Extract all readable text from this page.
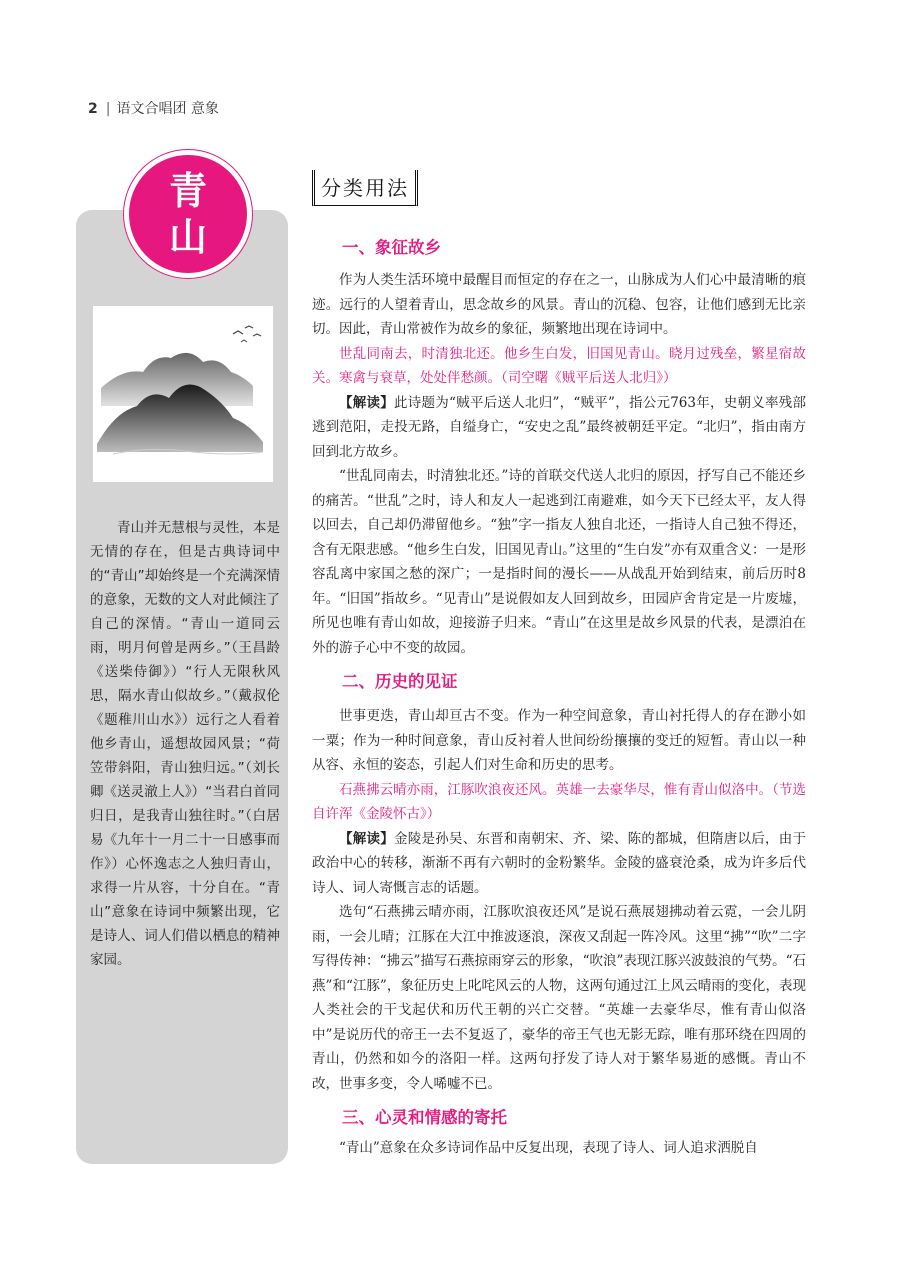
2 | 语文合唱团 意象
青
山

青山并无慧根与灵性，本是无情的存在，但是古典诗词中的“青山”却始终是一个充满深情的意象，无数的文人对此倾注了自己的深情。“青山一道同云雨，明月何曾是两乡。”（王昌龄《送柴侍御》）“行人无限秋风思，隔水青山似故乡。”（戴叔伦《题稚川山水》）远行之人看着他乡青山，遥想故园风景；“荷笠带斜阳，青山独归远。”（刘长卿《送灵澈上人》）“当君白首同归日，是我青山独往时。”（白居易《九年十一月二十一日感事而作》）心怀逸志之人独归青山，求得一片从容，十分自在。“青山”意象在诗词中频繁出现，它是诗人、词人们借以栖息的精神家园。

分类用法
一、象征故乡

作为人类生活环境中最醒目而恒定的存在之一，山脉成为人们心中最清晰的痕迹。远行的人望着青山，思念故乡的风景。青山的沉稳、包容，让他们感到无比亲切。因此，青山常被作为故乡的象征，频繁地出现在诗词中。

世乱同南去，时清独北还。他乡生白发，旧国见青山。晓月过残垒，繁星宿故关。寒禽与衰草，处处伴愁颜。（司空曙《贼平后送人北归》）

【解读】此诗题为“贼平后送人北归”，“贼平”，指公元763年，史朝义率残部逃到范阳，走投无路，自缢身亡，“安史之乱”最终被朝廷平定。“北归”，指由南方回到北方故乡。

“世乱同南去，时清独北还。”诗的首联交代送人北归的原因，抒写自己不能还乡的痛苦。“世乱”之时，诗人和友人一起逃到江南避难，如今天下已经太平，友人得以回去，自己却仍滞留他乡。“独”字一指友人独自北还，一指诗人自己独不得还，含有无限悲感。“他乡生白发，旧国见青山。”这里的“生白发”亦有双重含义：一是形容乱离中家国之愁的深广；一是指时间的漫长——从战乱开始到结束，前后历时8年。“旧国”指故乡。“见青山”是说假如友人回到故乡，田园庐舍肯定是一片废墟，所见也唯有青山如故，迎接游子归来。“青山”在这里是故乡风景的代表，是漂泊在外的游子心中不变的故园。

二、历史的见证

世事更迭，青山却亘古不变。作为一种空间意象，青山衬托得人的存在渺小如一粟；作为一种时间意象，青山反衬着人世间纷纷攘攘的变迁的短暂。青山以一种从容、永恒的姿态，引起人们对生命和历史的思考。

石燕拂云晴亦雨，江豚吹浪夜还风。英雄一去豪华尽，惟有青山似洛中。（节选自许浑《金陵怀古》）

【解读】金陵是孙吴、东晋和南朝宋、齐、梁、陈的都城，但隋唐以后，由于政治中心的转移，渐渐不再有六朝时的金粉繁华。金陵的盛衰沧桑，成为许多后代诗人、词人寄慨言志的话题。

选句“石燕拂云晴亦雨，江豚吹浪夜还风”是说石燕展翅拂动着云霓，一会儿阴雨，一会儿晴；江豚在大江中推波逐浪，深夜又刮起一阵冷风。这里“拂”“吹”二字写得传神：“拂云”描写石燕掠雨穿云的形象，“吹浪”表现江豚兴波鼓浪的气势。“石燕”和“江豚”，象征历史上叱咤风云的人物，这两句通过江上风云晴雨的变化，表现人类社会的干戈起伏和历代王朝的兴亡交替。“英雄一去豪华尽，惟有青山似洛中”是说历代的帝王一去不复返了，豪华的帝王气也无影无踪，唯有那环绕在四周的青山，仍然和如今的洛阳一样。这两句抒发了诗人对于繁华易逝的感慨。青山不改，世事多变，令人唏嘘不已。

三、心灵和情感的寄托

“青山”意象在众多诗词作品中反复出现，表现了诗人、词人追求洒脱自
